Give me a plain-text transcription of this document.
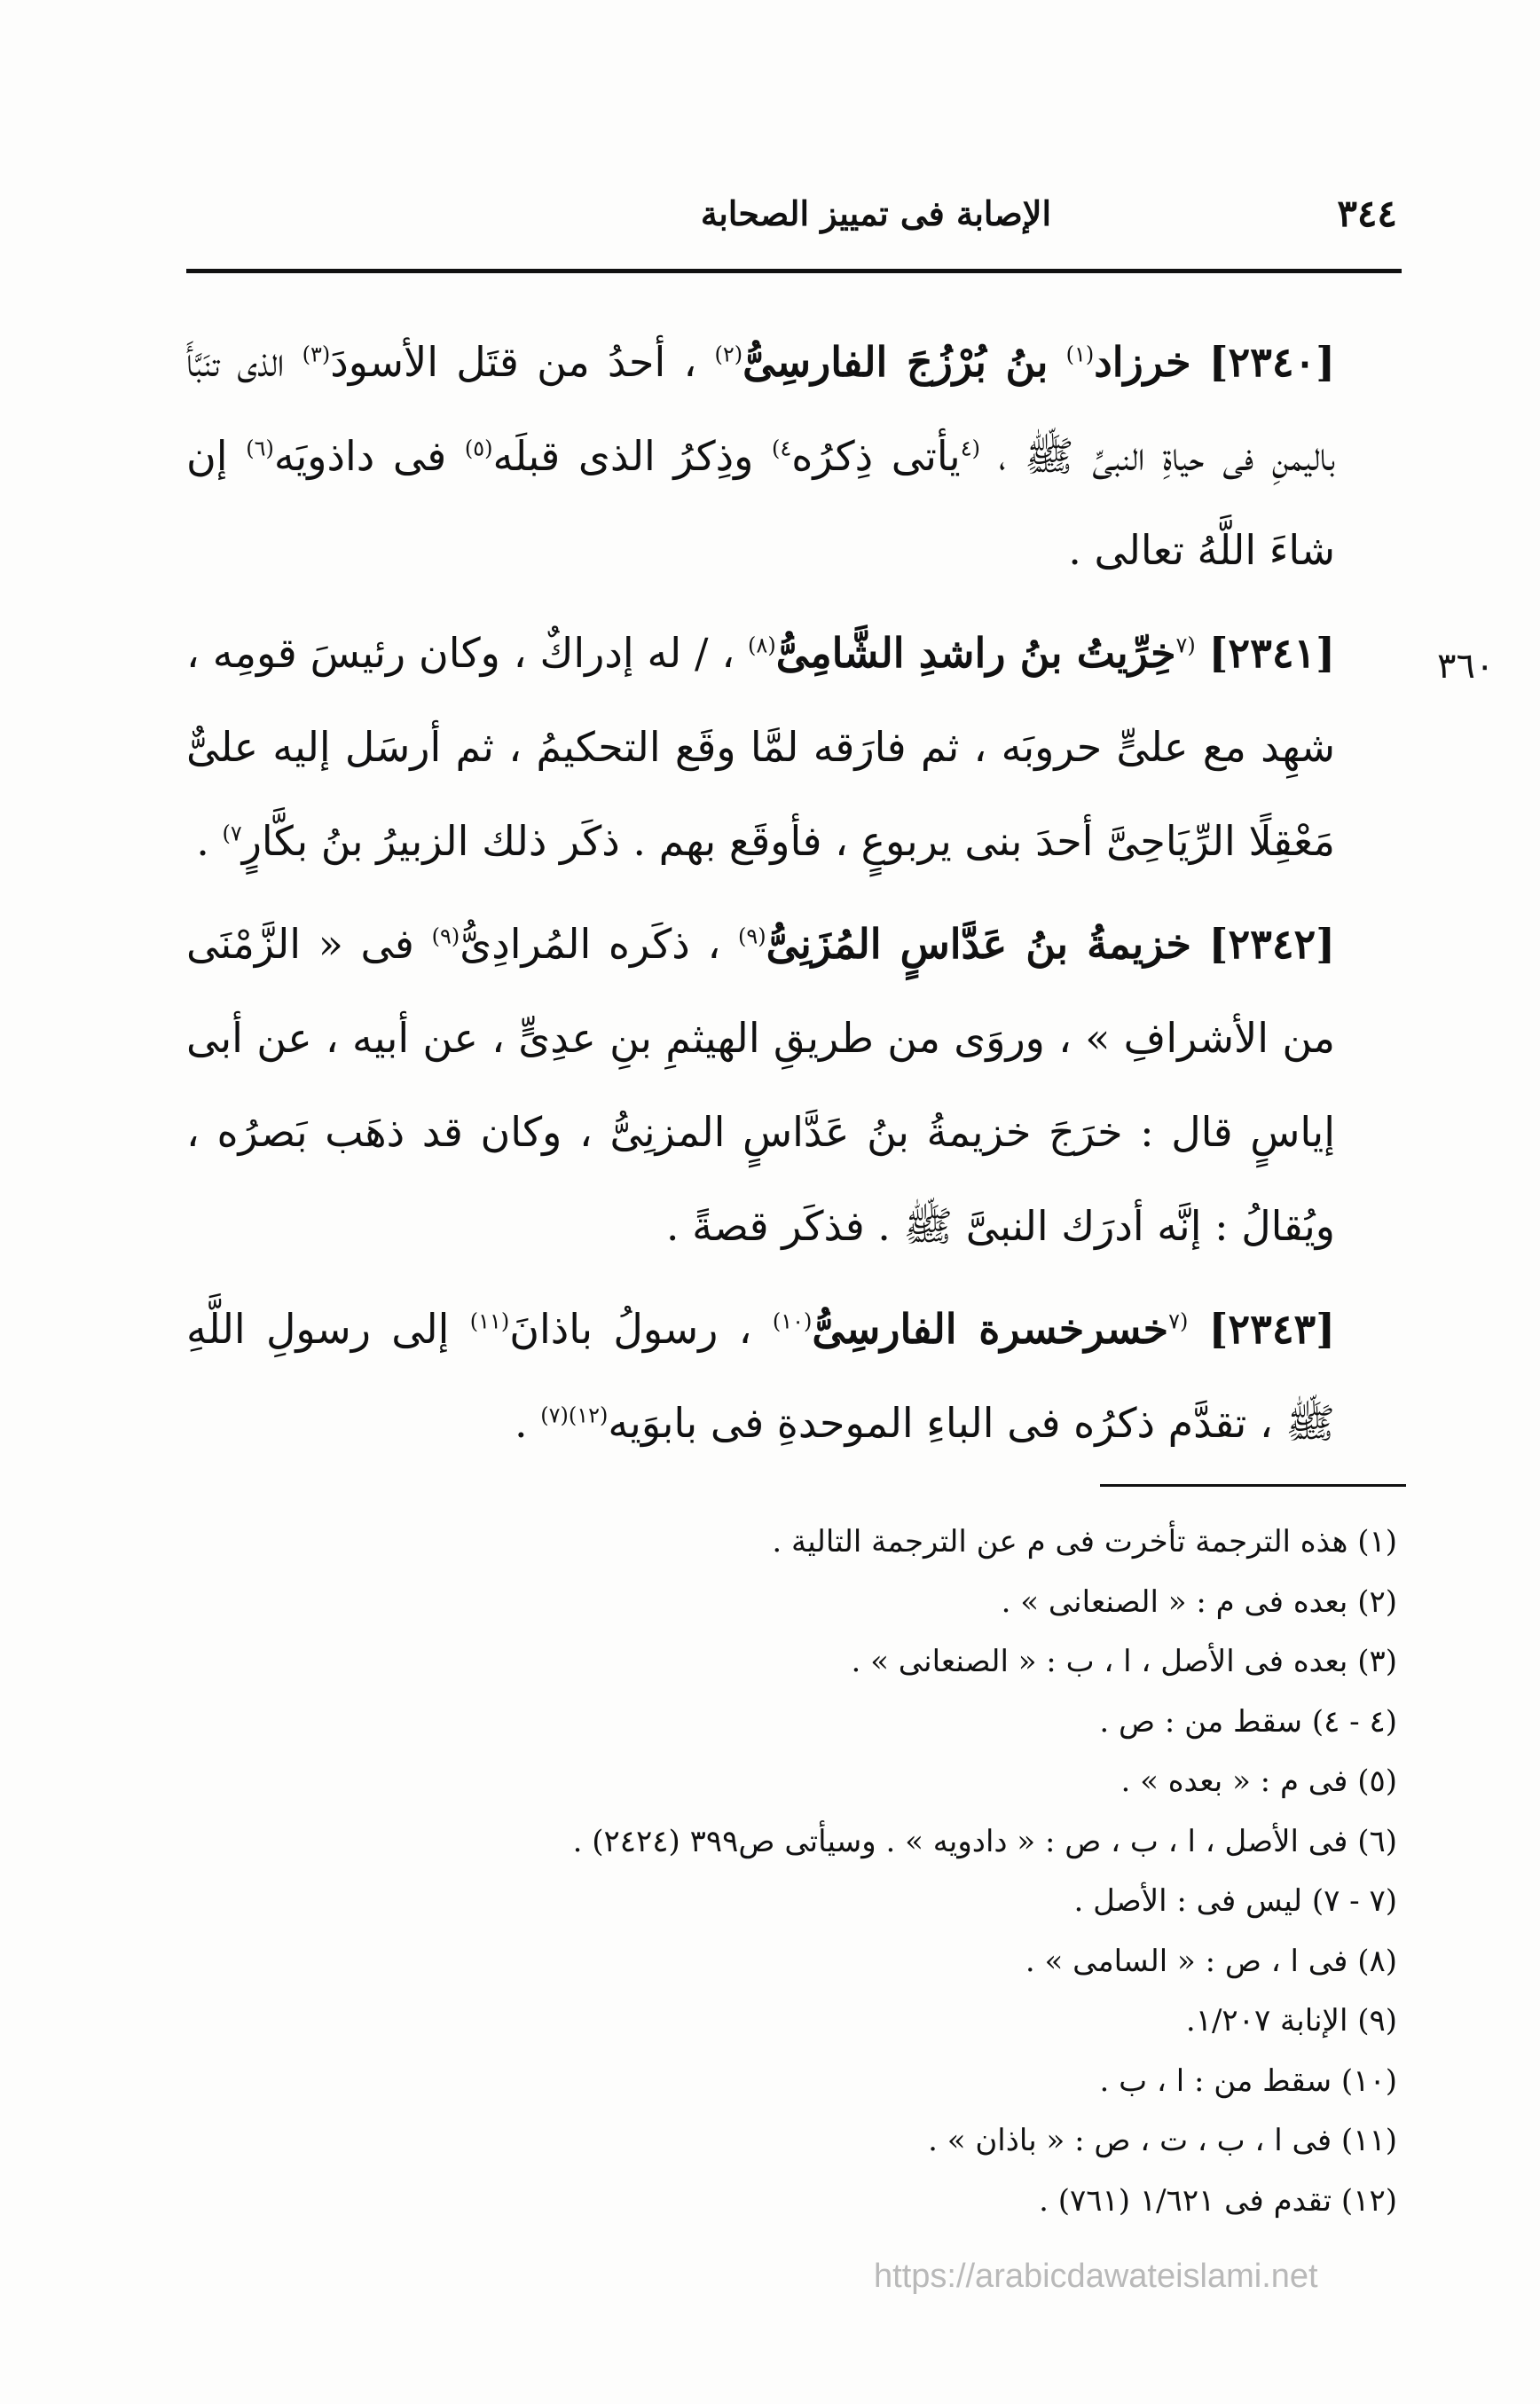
٣٤٤
الإصابة فى تمييز الصحابة
٣٦٠

[٢٣٤٠] خرزاد$^{(١)}$ بنُ بُرْزُجَ الفارسِىُّ$^{(٢)}$ ، أحدُ من قتَل الأسودَ$^{(٣)}$ الذى تنَبَّأَ باليمنِ فى حياةِ النبىِّ ﷺ ، $^{(٤}$يأتى ذِكرُه$^{٤)}$ وذِكرُ الذى قبلَه$^{(٥)}$ فى داذويَه$^{(٦)}$ إن شاءَ اللَّهُ تعالى .

[٢٣٤١] $^{(٧}$خِرِّيتُ بنُ راشدِ الشَّامِىُّ$^{(٨)}$ ، / له إدراكٌ ، وكان رئيسَ قومِه ، شهِد مع علىٍّ حروبَه ، ثم فارَقه لمَّا وقَع التحكيمُ ، ثم أرسَل إليه علىٌّ مَعْقِلًا الرِّيَاحِىَّ أحدَ بنى يربوعٍ ، فأوقَع بهم . ذكَر ذلك الزبيرُ بنُ بكَّارٍ$^{٧)}$ .

[٢٣٤٢] خزيمةُ بنُ عَدَّاسٍ المُزَنِىُّ$^{(٩)}$ ، ذكَره المُرادِىُّ$^{(٩)}$ فى « الزَّمْنَى من الأشرافِ » ، وروَى من طريقِ الهيثمِ بنِ عدِىٍّ ، عن أبيه ، عن أبى إياسٍ قال : خرَجَ خزيمةُ بنُ عَدَّاسٍ المزنِىُّ ، وكان قد ذهَب بَصرُه ، ويُقالُ : إنَّه أدرَك النبىَّ ﷺ . فذكَر قصةً .

[٢٣٤٣] $^{(٧}$خسرخسرة الفارسِىُّ$^{(١٠)}$ ، رسولُ باذانَ$^{(١١)}$ إلى رسولِ اللَّهِ ﷺ ، تقدَّم ذكرُه فى الباءِ الموحدةِ فى بابوَيه$^{(١٢)(٧)}$ .

(١) هذه الترجمة تأخرت فى م عن الترجمة التالية .
(٢) بعده فى م : « الصنعانى » .
(٣) بعده فى الأصل ، ا ، ب : « الصنعانى » .
(٤ - ٤) سقط من : ص .
(٥) فى م : « بعده » .
(٦) فى الأصل ، ا ، ب ، ص : « دادويه » . وسيأتى ص٣٩٩ (٢٤٢٤) .
(٧ - ٧) ليس فى : الأصل .
(٨) فى ا ، ص : « السامى » .
(٩) الإنابة ١/٢٠٧.
(١٠) سقط من : ا ، ب .
(١١) فى ا ، ب ، ت ، ص : « باذان » .
(١٢) تقدم فى ١/٦٢١ (٧٦١) .
https://arabicdawateislami.net
